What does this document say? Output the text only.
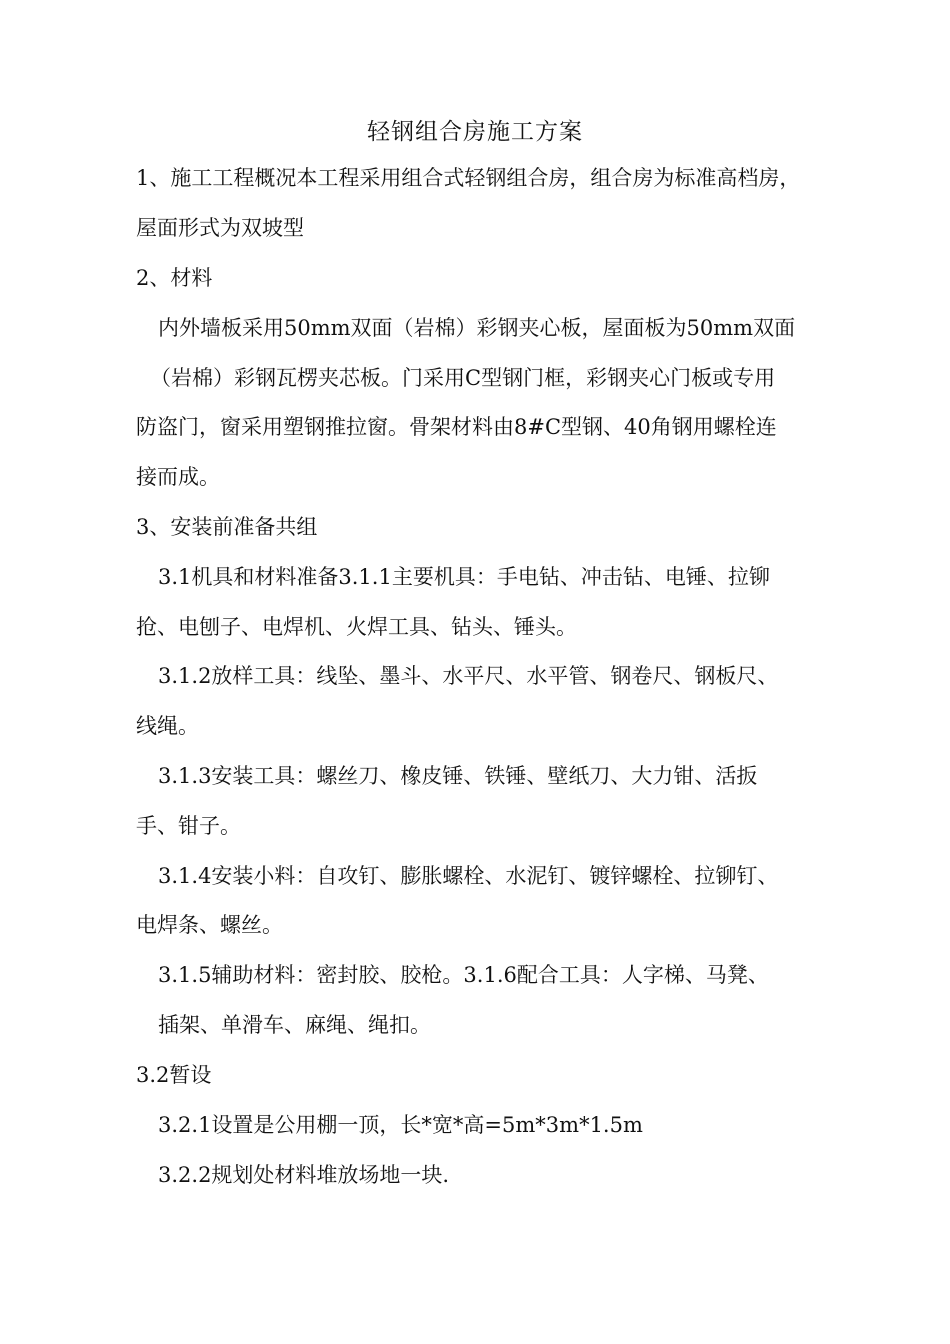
轻钢组合房施工方案
1、施工工程概况本工程采用组合式轻钢组合房，组合房为标准高档房，
屋面形式为双坡型
2、材料
内外墙板采用50mm双面（岩棉）彩钢夹心板，屋面板为50mm双面
（岩棉）彩钢瓦楞夹芯板。门采用C型钢门框，彩钢夹心门板或专用
防盗门，窗采用塑钢推拉窗。骨架材料由8#C型钢、40角钢用螺栓连
接而成。
3、安装前准备共组
3.1机具和材料准备3.1.1主要机具：手电钻、冲击钻、电锤、拉铆
抢、电刨子、电焊机、火焊工具、钻头、锤头。
3.1.2放样工具：线坠、墨斗、水平尺、水平管、钢卷尺、钢板尺、
线绳。
3.1.3安装工具：螺丝刀、橡皮锤、铁锤、壁纸刀、大力钳、活扳
手、钳子。
3.1.4安装小料：自攻钉、膨胀螺栓、水泥钉、镀锌螺栓、拉铆钉、
电焊条、螺丝。
3.1.5辅助材料：密封胶、胶枪。3.1.6配合工具：人字梯、马凳、
插架、单滑车、麻绳、绳扣。
3.2暂设
3.2.1设置是公用棚一顶，长*宽*高=5m*3m*1.5m
3.2.2规划处材料堆放场地一块.
